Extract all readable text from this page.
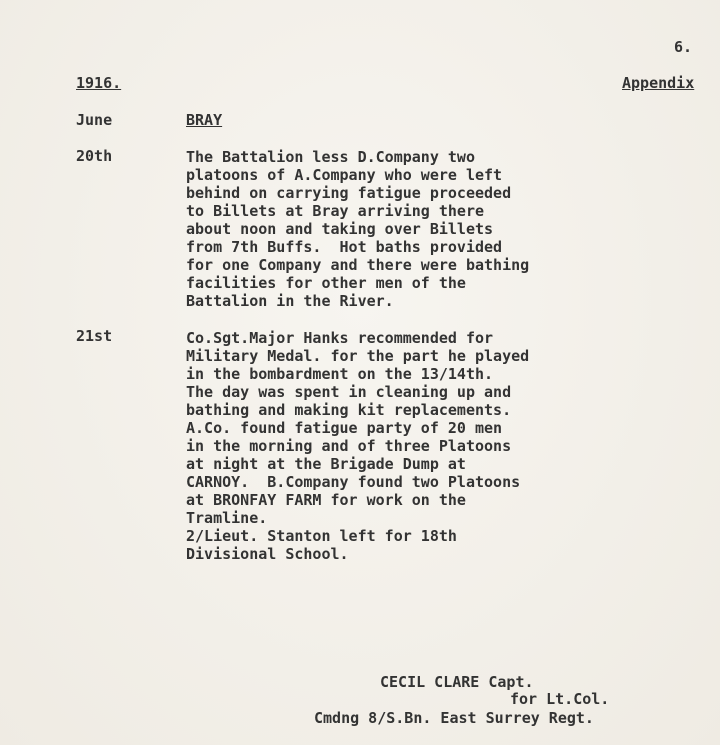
6.
1916.	Appendix
June	BRAY
20th	The Battalion less D.Company two
platoons of A.Company who were left
behind on carrying fatigue proceeded
to Billets at Bray arriving there
about noon and taking over Billets
from 7th Buffs.  Hot baths provided
for one Company and there were bathing
facilities for other men of the
Battalion in the River.
21st	Co.Sgt.Major Hanks recommended for
Military Medal. for the part he played
in the bombardment on the 13/14th.
The day was spent in cleaning up and
bathing and making kit replacements.
A.Co. found fatigue party of 20 men
in the morning and of three Platoons
at night at the Brigade Dump at
CARNOY.  B.Company found two Platoons
at BRONFAY FARM for work on the
Tramline.
2/Lieut. Stanton left for 18th
Divisional School.
CECIL CLARE Capt.
for Lt.Col.
Cmdng 8/S.Bn. East Surrey Regt.
